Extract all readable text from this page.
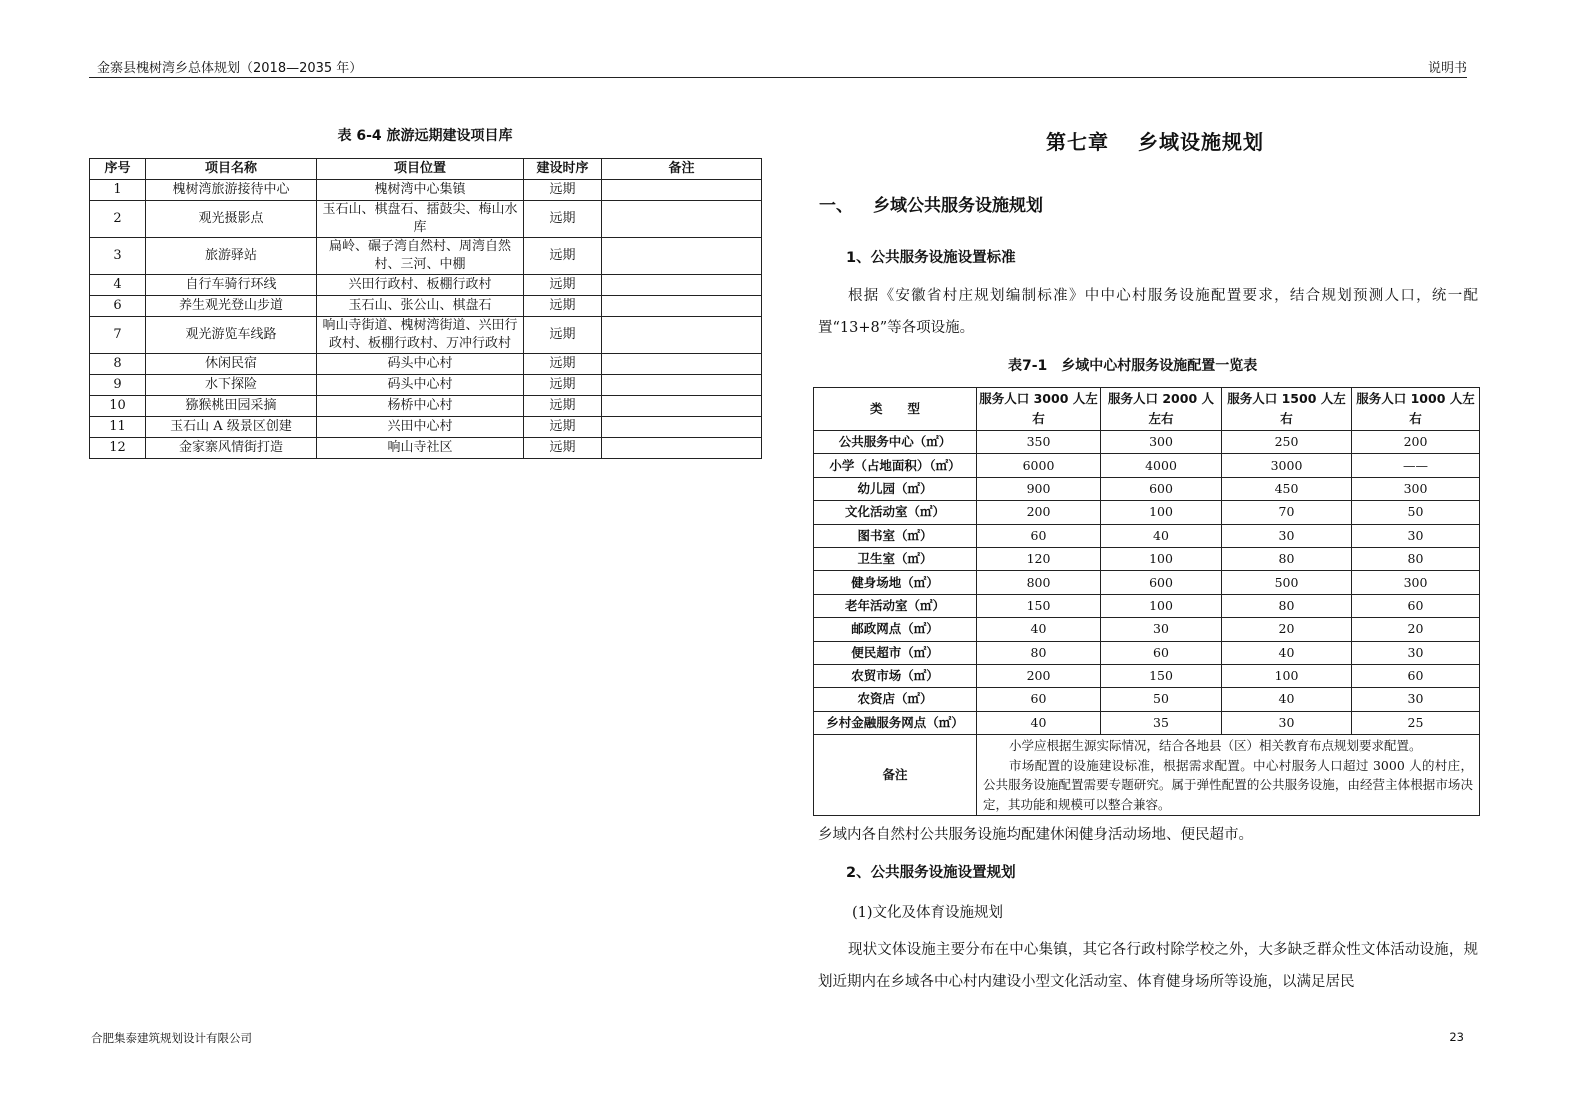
金寨县槐树湾乡总体规划（2018—2035 年）	说明书
合肥集泰建筑规划设计有限公司	23
表 6-4 旅游远期建设项目库
序号	项目名称	项目位置	建设时序	备注
1	槐树湾旅游接待中心	槐树湾中心集镇	远期	
2	观光摄影点	玉石山、棋盘石、擂鼓尖、梅山水库	远期	
3	旅游驿站	扁岭、碾子湾自然村、周湾自然村、三河、中棚	远期	
4	自行车骑行环线	兴田行政村、板棚行政村	远期	
6	养生观光登山步道	玉石山、张公山、棋盘石	远期	
7	观光游览车线路	响山寺街道、槐树湾街道、兴田行政村、板棚行政村、万冲行政村	远期	
8	休闲民宿	码头中心村	远期	
9	水下探险	码头中心村	远期	
10	猕猴桃田园采摘	杨桥中心村	远期	
11	玉石山 A 级景区创建	兴田中心村	远期	
12	金家寨风情街打造	响山寺社区	远期	
第七章　 乡域设施规划
一、 乡域公共服务设施规划
1、公共服务设施设置标准
根据《安徽省村庄规划编制标准》中中心村服务设施配置要求，结合规划预测人口，统一配置“13+8”等各项设施。
表7-1　乡域中心村服务设施配置一览表
类　　型	服务人口 3000 人左右	服务人口 2000 人左右	服务人口 1500 人左右	服务人口 1000 人左右
公共服务中心（㎡）	350	300	250	200
小学（占地面积）（㎡）	6000	4000	3000	——
幼儿园（㎡）	900	600	450	300
文化活动室（㎡）	200	100	70	50
图书室（㎡）	60	40	30	30
卫生室（㎡）	120	100	80	80
健身场地（㎡）	800	600	500	300
老年活动室（㎡）	150	100	80	60
邮政网点（㎡）	40	30	20	20
便民超市（㎡）	80	60	40	30
农贸市场（㎡）	200	150	100	60
农资店（㎡）	60	50	40	30
乡村金融服务网点（㎡）	40	35	30	25
备注	小学应根据生源实际情况，结合各地县（区）相关教育布点规划要求配置。
市场配置的设施建设标准，根据需求配置。中心村服务人口超过 3000 人的村庄，公共服务设施配置需要专题研究。属于弹性配置的公共服务设施，由经营主体根据市场决定，其功能和规模可以整合兼容。			
乡域内各自然村公共服务设施均配建休闲健身活动场地、便民超市。
2、公共服务设施设置规划
(1)文化及体育设施规划
现状文体设施主要分布在中心集镇，其它各行政村除学校之外，大多缺乏群众性文体活动设施，规划近期内在乡域各中心村内建设小型文化活动室、体育健身场所等设施，以满足居民
